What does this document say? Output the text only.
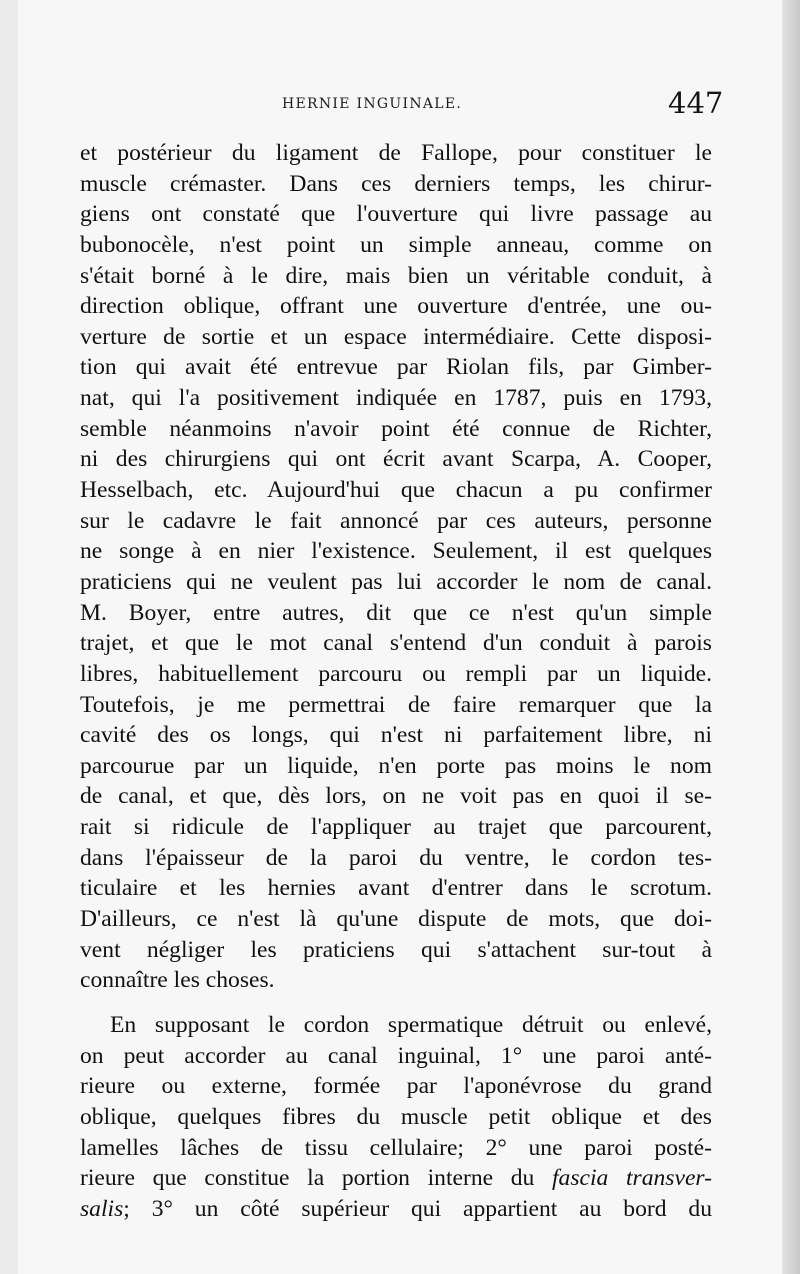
HERNIE INGUINALE.	447
et postérieur du ligament de Fallope, pour constituer le
muscle crémaster. Dans ces derniers temps, les chirur-
giens ont constaté que l'ouverture qui livre passage au
bubonocèle, n'est point un simple anneau, comme on
s'était borné à le dire, mais bien un véritable conduit, à
direction oblique, offrant une ouverture d'entrée, une ou-
verture de sortie et un espace intermédiaire. Cette disposi-
tion qui avait été entrevue par Riolan fils, par Gimber-
nat, qui l'a positivement indiquée en 1787, puis en 1793,
semble néanmoins n'avoir point été connue de Richter,
ni des chirurgiens qui ont écrit avant Scarpa, A. Cooper,
Hesselbach, etc. Aujourd'hui que chacun a pu confirmer
sur le cadavre le fait annoncé par ces auteurs, personne
ne songe à en nier l'existence. Seulement, il est quelques
praticiens qui ne veulent pas lui accorder le nom de canal.
M. Boyer, entre autres, dit que ce n'est qu'un simple
trajet, et que le mot canal s'entend d'un conduit à parois
libres, habituellement parcouru ou rempli par un liquide.
Toutefois, je me permettrai de faire remarquer que la
cavité des os longs, qui n'est ni parfaitement libre, ni
parcourue par un liquide, n'en porte pas moins le nom
de canal, et que, dès lors, on ne voit pas en quoi il se-
rait si ridicule de l'appliquer au trajet que parcourent,
dans l'épaisseur de la paroi du ventre, le cordon tes-
ticulaire et les hernies avant d'entrer dans le scrotum.
D'ailleurs, ce n'est là qu'une dispute de mots, que doi-
vent négliger les praticiens qui s'attachent sur-tout à
connaître les choses.
En supposant le cordon spermatique détruit ou enlevé,
on peut accorder au canal inguinal, 1° une paroi anté-
rieure ou externe, formée par l'aponévrose du grand
oblique, quelques fibres du muscle petit oblique et des
lamelles lâches de tissu cellulaire; 2° une paroi posté-
rieure que constitue la portion interne du fascia transver-
salis; 3° un côté supérieur qui appartient au bord du
